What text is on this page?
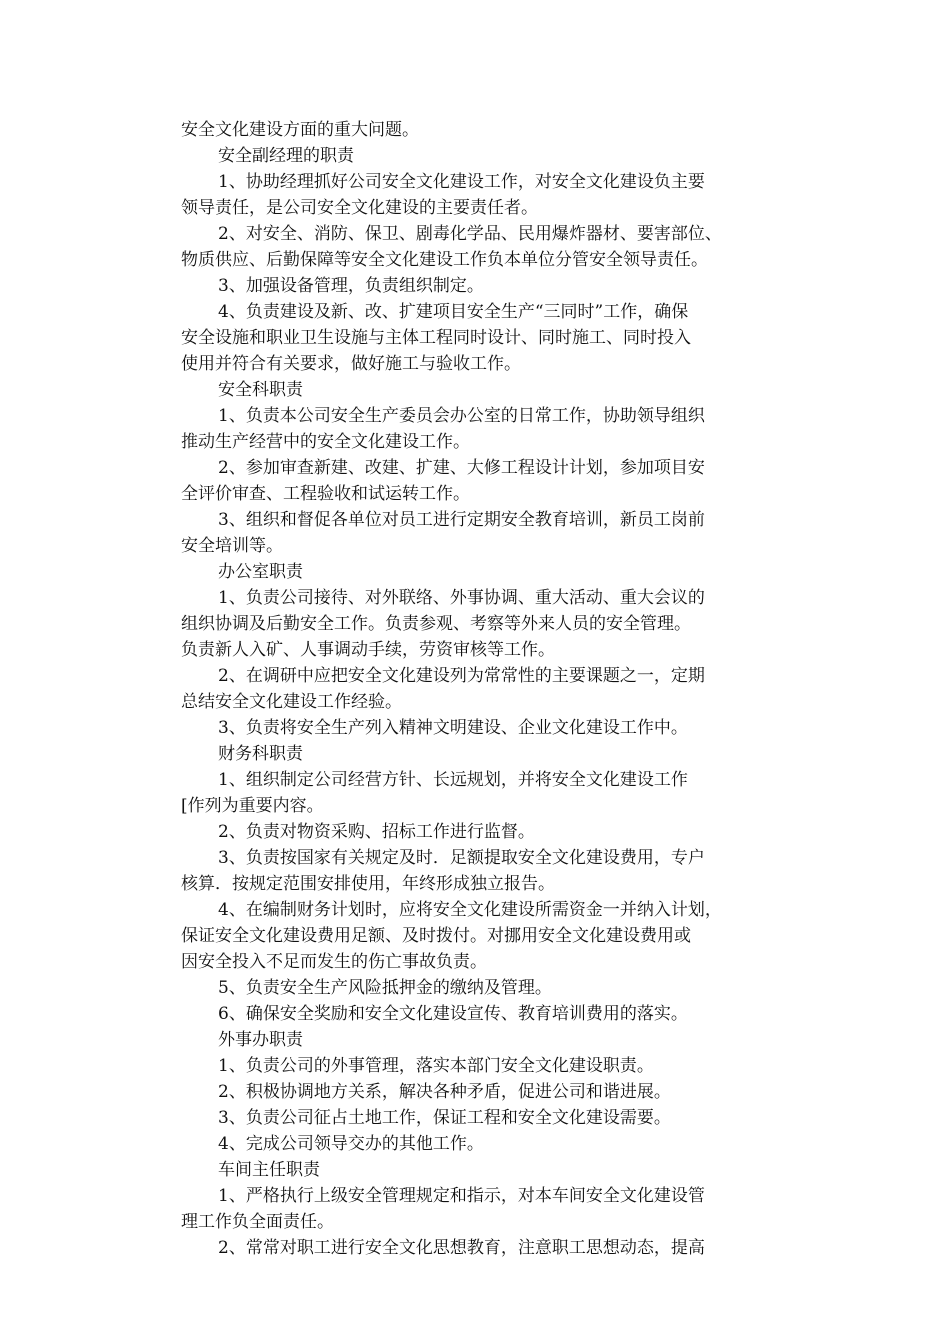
安全文化建设方面的重大问题。
安全副经理的职责
1、协助经理抓好公司安全文化建设工作，对安全文化建设负主要
领导责任，是公司安全文化建设的主要责任者。
2、对安全、消防、保卫、剧毒化学品、民用爆炸器材、要害部位、
物质供应、后勤保障等安全文化建设工作负本单位分管安全领导责任。
3、加强设备管理，负责组织制定。
4、负责建设及新、改、扩建项目安全生产“三同时”工作，确保
安全设施和职业卫生设施与主体工程同时设计、同时施工、同时投入
使用并符合有关要求，做好施工与验收工作。
安全科职责
1、负责本公司安全生产委员会办公室的日常工作，协助领导组织
推动生产经营中的安全文化建设工作。
2、参加审查新建、改建、扩建、大修工程设计计划，参加项目安
全评价审查、工程验收和试运转工作。
3、组织和督促各单位对员工进行定期安全教育培训，新员工岗前
安全培训等。
办公室职责
1、负责公司接待、对外联络、外事协调、重大活动、重大会议的
组织协调及后勤安全工作。负责参观、考察等外来人员的安全管理。
负责新人入矿、人事调动手续，劳资审核等工作。
2、在调研中应把安全文化建设列为常常性的主要课题之一，定期
总结安全文化建设工作经验。
3、负责将安全生产列入精神文明建设、企业文化建设工作中。
财务科职责
1、组织制定公司经营方针、长远规划，并将安全文化建设工作
[作列为重要内容。
2、负责对物资采购、招标工作进行监督。
3、负责按国家有关规定及时．足额提取安全文化建设费用，专户
核算．按规定范围安排使用，年终形成独立报告。
4、在编制财务计划时，应将安全文化建设所需资金一并纳入计划，
保证安全文化建设费用足额、及时拨付。对挪用安全文化建设费用或
因安全投入不足而发生的伤亡事故负责。
5、负责安全生产风险抵押金的缴纳及管理。
6、确保安全奖励和安全文化建设宣传、教育培训费用的落实。
外事办职责
1、负责公司的外事管理，落实本部门安全文化建设职责。
2、积极协调地方关系，解决各种矛盾，促进公司和谐进展。
3、负责公司征占土地工作，保证工程和安全文化建设需要。
4、完成公司领导交办的其他工作。
车间主任职责
1、严格执行上级安全管理规定和指示，对本车间安全文化建设管
理工作负全面责任。
2、常常对职工进行安全文化思想教育，注意职工思想动态，提高
